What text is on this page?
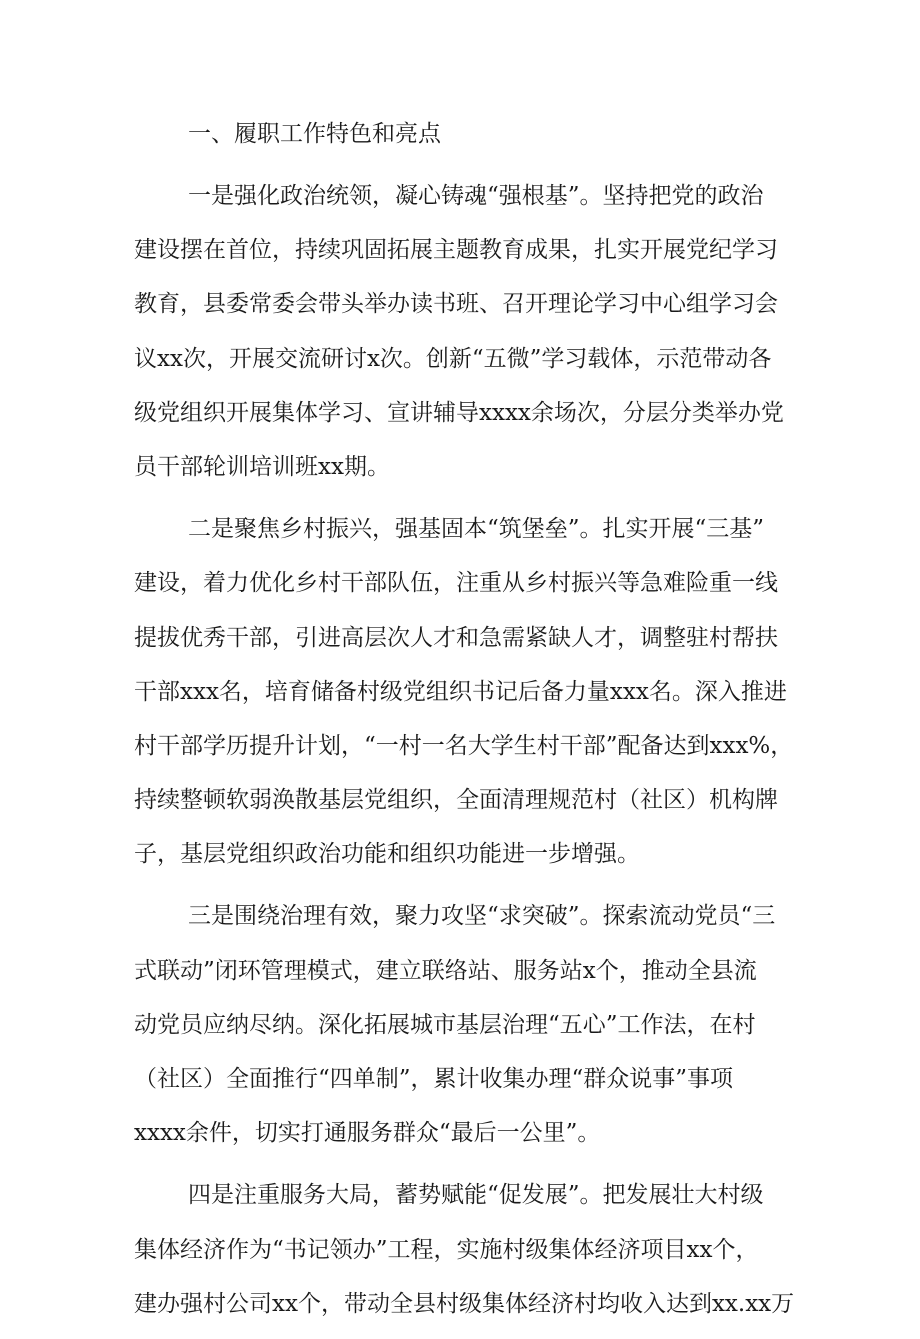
一、履职工作特色和亮点
一是强化政治统领，凝心铸魂“强根基”。坚持把党的政治
建设摆在首位，持续巩固拓展主题教育成果，扎实开展党纪学习
教育，县委常委会带头举办读书班、召开理论学习中心组学习会
议xx次，开展交流研讨x次。创新“五微”学习载体，示范带动各
级党组织开展集体学习、宣讲辅导xxxx余场次，分层分类举办党
员干部轮训培训班xx期。
二是聚焦乡村振兴，强基固本“筑堡垒”。扎实开展“三基”
建设，着力优化乡村干部队伍，注重从乡村振兴等急难险重一线
提拔优秀干部，引进高层次人才和急需紧缺人才，调整驻村帮扶
干部xxx名，培育储备村级党组织书记后备力量xxx名。深入推进
村干部学历提升计划，“一村一名大学生村干部”配备达到xxx%，
持续整顿软弱涣散基层党组织，全面清理规范村（社区）机构牌
子，基层党组织政治功能和组织功能进一步增强。
三是围绕治理有效，聚力攻坚“求突破”。探索流动党员“三
式联动”闭环管理模式，建立联络站、服务站x个，推动全县流
动党员应纳尽纳。深化拓展城市基层治理“五心”工作法，在村
（社区）全面推行“四单制”，累计收集办理“群众说事”事项
xxxx余件，切实打通服务群众“最后一公里”。
四是注重服务大局，蓄势赋能“促发展”。把发展壮大村级
集体经济作为“书记领办”工程，实施村级集体经济项目xx个，
建办强村公司xx个，带动全县村级集体经济村均收入达到xx.xx万
